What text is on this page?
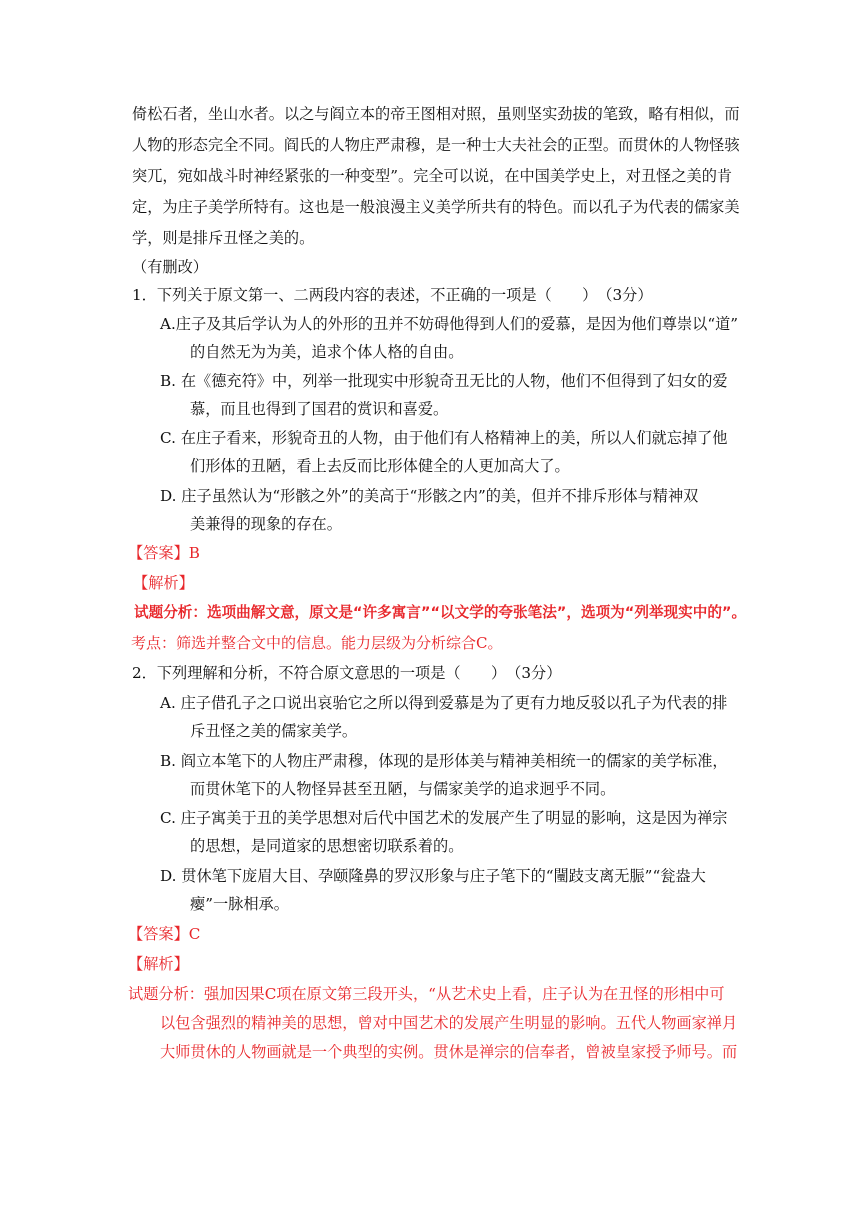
倚松石者，坐山水者。以之与阎立本的帝王图相对照，虽则坚实劲拔的笔致，略有相似，而
人物的形态完全不同。阎氏的人物庄严肃穆，是一种士大夫社会的正型。而贯休的人物怪骇
突兀，宛如战斗时神经紧张的一种变型”。完全可以说，在中国美学史上，对丑怪之美的肯
定，为庄子美学所特有。这也是一般浪漫主义美学所共有的特色。而以孔子为代表的儒家美
学，则是排斥丑怪之美的。
（有删改）
1．下列关于原文第一、二两段内容的表述，不正确的一项是（　　）　（3分）
A.庄子及其后学认为人的外形的丑并不妨碍他得到人们的爱慕，是因为他们尊崇以“道”
的自然无为为美，追求个体人格的自由。
B. 在《德充符》中，列举一批现实中形貌奇丑无比的人物，他们不但得到了妇女的爱
慕，而且也得到了国君的赏识和喜爱。
C. 在庄子看来，形貌奇丑的人物，由于他们有人格精神上的美，所以人们就忘掉了他
们形体的丑陋，看上去反而比形体健全的人更加高大了。
D. 庄子虽然认为“形骸之外”的美高于“形骸之内”的美，但并不排斥形体与精神双
美兼得的现象的存在。
【答案】B
【解析】
试题分析：选项曲解文意，原文是“许多寓言”“以文学的夸张笔法”，选项为“列举现实中的”。
考点：筛选并整合文中的信息。能力层级为分析综合C。
2．下列理解和分析，不符合原文意思的一项是（　　）　（3分）
A. 庄子借孔子之口说出哀骀它之所以得到爱慕是为了更有力地反驳以孔子为代表的排
斥丑怪之美的儒家美学。
B. 阎立本笔下的人物庄严肃穆，体现的是形体美与精神美相统一的儒家的美学标准，
而贯休笔下的人物怪异甚至丑陋，与儒家美学的追求迥乎不同。
C. 庄子寓美于丑的美学思想对后代中国艺术的发展产生了明显的影响，这是因为禅宗
的思想，是同道家的思想密切联系着的。
D. 贯休笔下庞眉大目、孕颐隆鼻的罗汉形象与庄子笔下的“闉跂支离无脤”“瓮盎大
瘿”一脉相承。
【答案】C
【解析】
试题分析：强加因果C项在原文第三段开头，“从艺术史上看，庄子认为在丑怪的形相中可
以包含强烈的精神美的思想，曾对中国艺术的发展产生明显的影响。五代人物画家禅月
大师贯休的人物画就是一个典型的实例。贯休是禅宗的信奉者，曾被皇家授予师号。而
